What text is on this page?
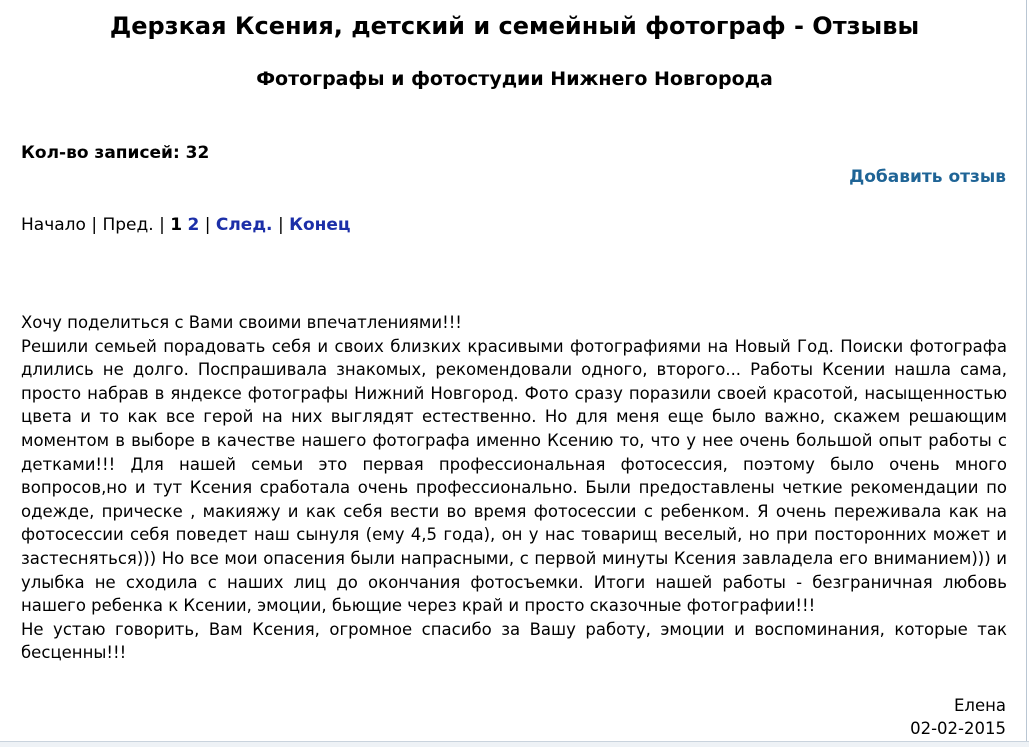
Дерзкая Ксения, детский и семейный фотограф - Отзывы
Фотографы и фотостудии Нижнего Новгорода
Кол-во записей: 32
Добавить отзыв
Начало | Пред. | 1 2 | След. | Конец

Хочу поделиться с Вами своими впечатлениями!!!

Решили семьей порадовать себя и своих близких красивыми фотографиями на Новый Год. Поиски фотографа длились не долго. Поспрашивала знакомых, рекомендовали одного, второго... Работы Ксении нашла сама, просто набрав в яндексе фотографы Нижний Новгород. Фото сразу поразили своей красотой, насыщенностью цвета и то как все герой на них выглядят естественно. Но для меня еще было важно, скажем решающим моментом в выборе в качестве нашего фотографа именно Ксению то, что у нее очень большой опыт работы с детками!!! Для нашей семьи это первая профессиональная фотосессия, поэтому было очень много вопросов,но и тут Ксения сработала очень профессионально. Были предоставлены четкие рекомендации по одежде, прическе , макияжу и как себя вести во время фотосессии с ребенком. Я очень переживала как на фотосессии себя поведет наш сынуля (ему 4,5 года), он у нас товарищ веселый, но при посторонних может и застесняться))) Но все мои опасения были напрасными, с первой минуты Ксения завладела его вниманием))) и улыбка не сходила с наших лиц до окончания фотосъемки. Итоги нашей работы - безграничная любовь нашего ребенка к Ксении, эмоции, бьющие через край и просто сказочные фотографии!!!

Не устаю говорить, Вам Ксения, огромное спасибо за Вашу работу, эмоции и воспоминания, которые так бесценны!!!

Елена
02-02-2015
